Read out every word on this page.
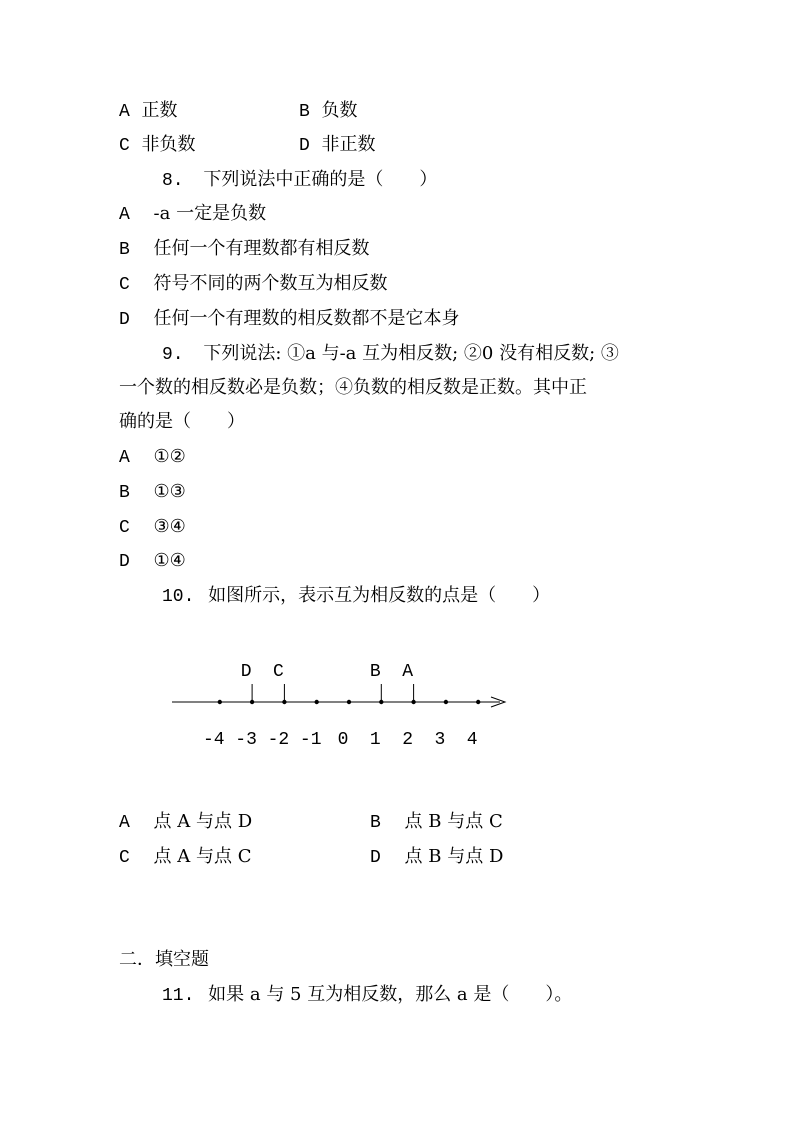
A 正数	B 负数
C 非负数	D 非正数
8. 下列说法中正确的是（　　）
A -a 一定是负数
B 任何一个有理数都有相反数
C 符号不同的两个数互为相反数
D 任何一个有理数的相反数都不是它本身
9. 下列说法: ①a 与-a 互为相反数; ②0 没有相反数; ③
一个数的相反数必是负数；④负数的相反数是正数。其中正
确的是（　　）
A ①②
B ①③
C ③④
D ①④
10. 如图所示，表示互为相反数的点是（　　）
-4 -3 -2 -1 0 1 2 3 4
D C	B A
A 点 A 与点 D	B 点 B 与点 C
C 点 A 与点 C	D 点 B 与点 D
二．填空题
11. 如果 a 与 5 互为相反数，那么 a 是（　　）。
